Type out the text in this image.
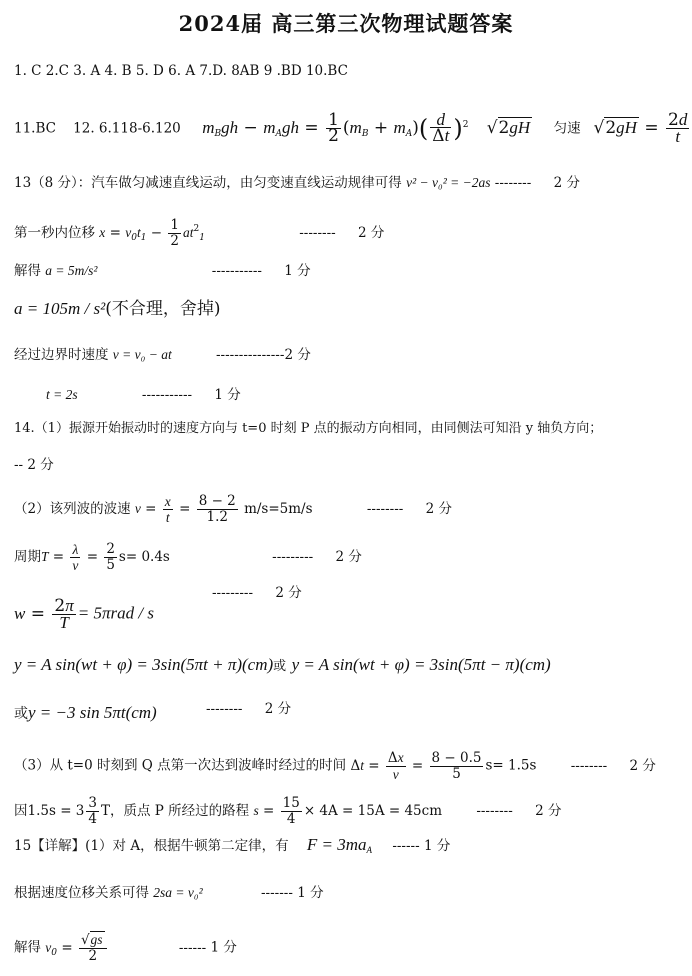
2024届 高三第三次物理试题答案
1. C 2.C 3. A 4. B 5. D 6. A 7.D. 8AB 9 .BD 10.BC
11.BC 12. 6.118-6.120 $m_Bgh - m_Agh = \frac{1}{2} (m_B + m_A)( \frac{d}{\Delta t} )^2$ √2gH 匀速 $√2gH = \frac{2d}{t}$
13（8 分）：汽车做匀减速直线运动，由匀变速直线运动规律可得 v² − v₀² = −2as -------- 2 分
第一秒内位移 $x = v_0t_1 - \frac{1}{2} at^2_1$	-------- 2 分
解得 a = 5m/s²	----------- 1 分
a = 105m / s²(不合理，舍掉)
经过边界时速度 v = v₀ − at	---------------2 分
t = 2s	----------- 1 分
14.（1）振源开始振动时的速度方向与 t=0 时刻 P 点的振动方向相同，由同侧法可知沿 y 轴负方向；
-- 2 分
（2）该列波的波速 $v = \frac{x}{t} = \frac{8 - 2}{1.2} m/s=5m/s$	-------- 2 分
周期$T = \frac{\lambda}{v} = \frac{2}{5} s= 0.4s$	--------- 2 分
$w = \frac{2\pi}{T} = 5\pi rad / s$
--------- 2 分
y = A sin(wt + φ) = 3sin(5πt + π)(cm)或 y = A sin(wt + φ) = 3sin(5πt − π)(cm)
或y = −3 sin 5πt(cm)	-------- 2 分
（3）从 t=0 时刻到 Q 点第一次达到波峰时经过的时间 $\Delta t = \frac{\Delta x}{v} = \frac{8 - 0.5}{5} s= 1.5s$	-------- 2 分
因$1.5s = 3 \frac{3}{4}$ T，质点 P 所经过的路程 $s = \frac{15}{4} \times 4A = 15A = 45cm$	-------- 2 分
15【详解】(1）对 A，根据牛顿第二定律，有 $F = 3ma_A$ ------ 1 分
根据速度位移关系可得 2sa = v₀²	------- 1 分
解得 $v_0 = \frac{√gs}{2}$	------ 1 分
